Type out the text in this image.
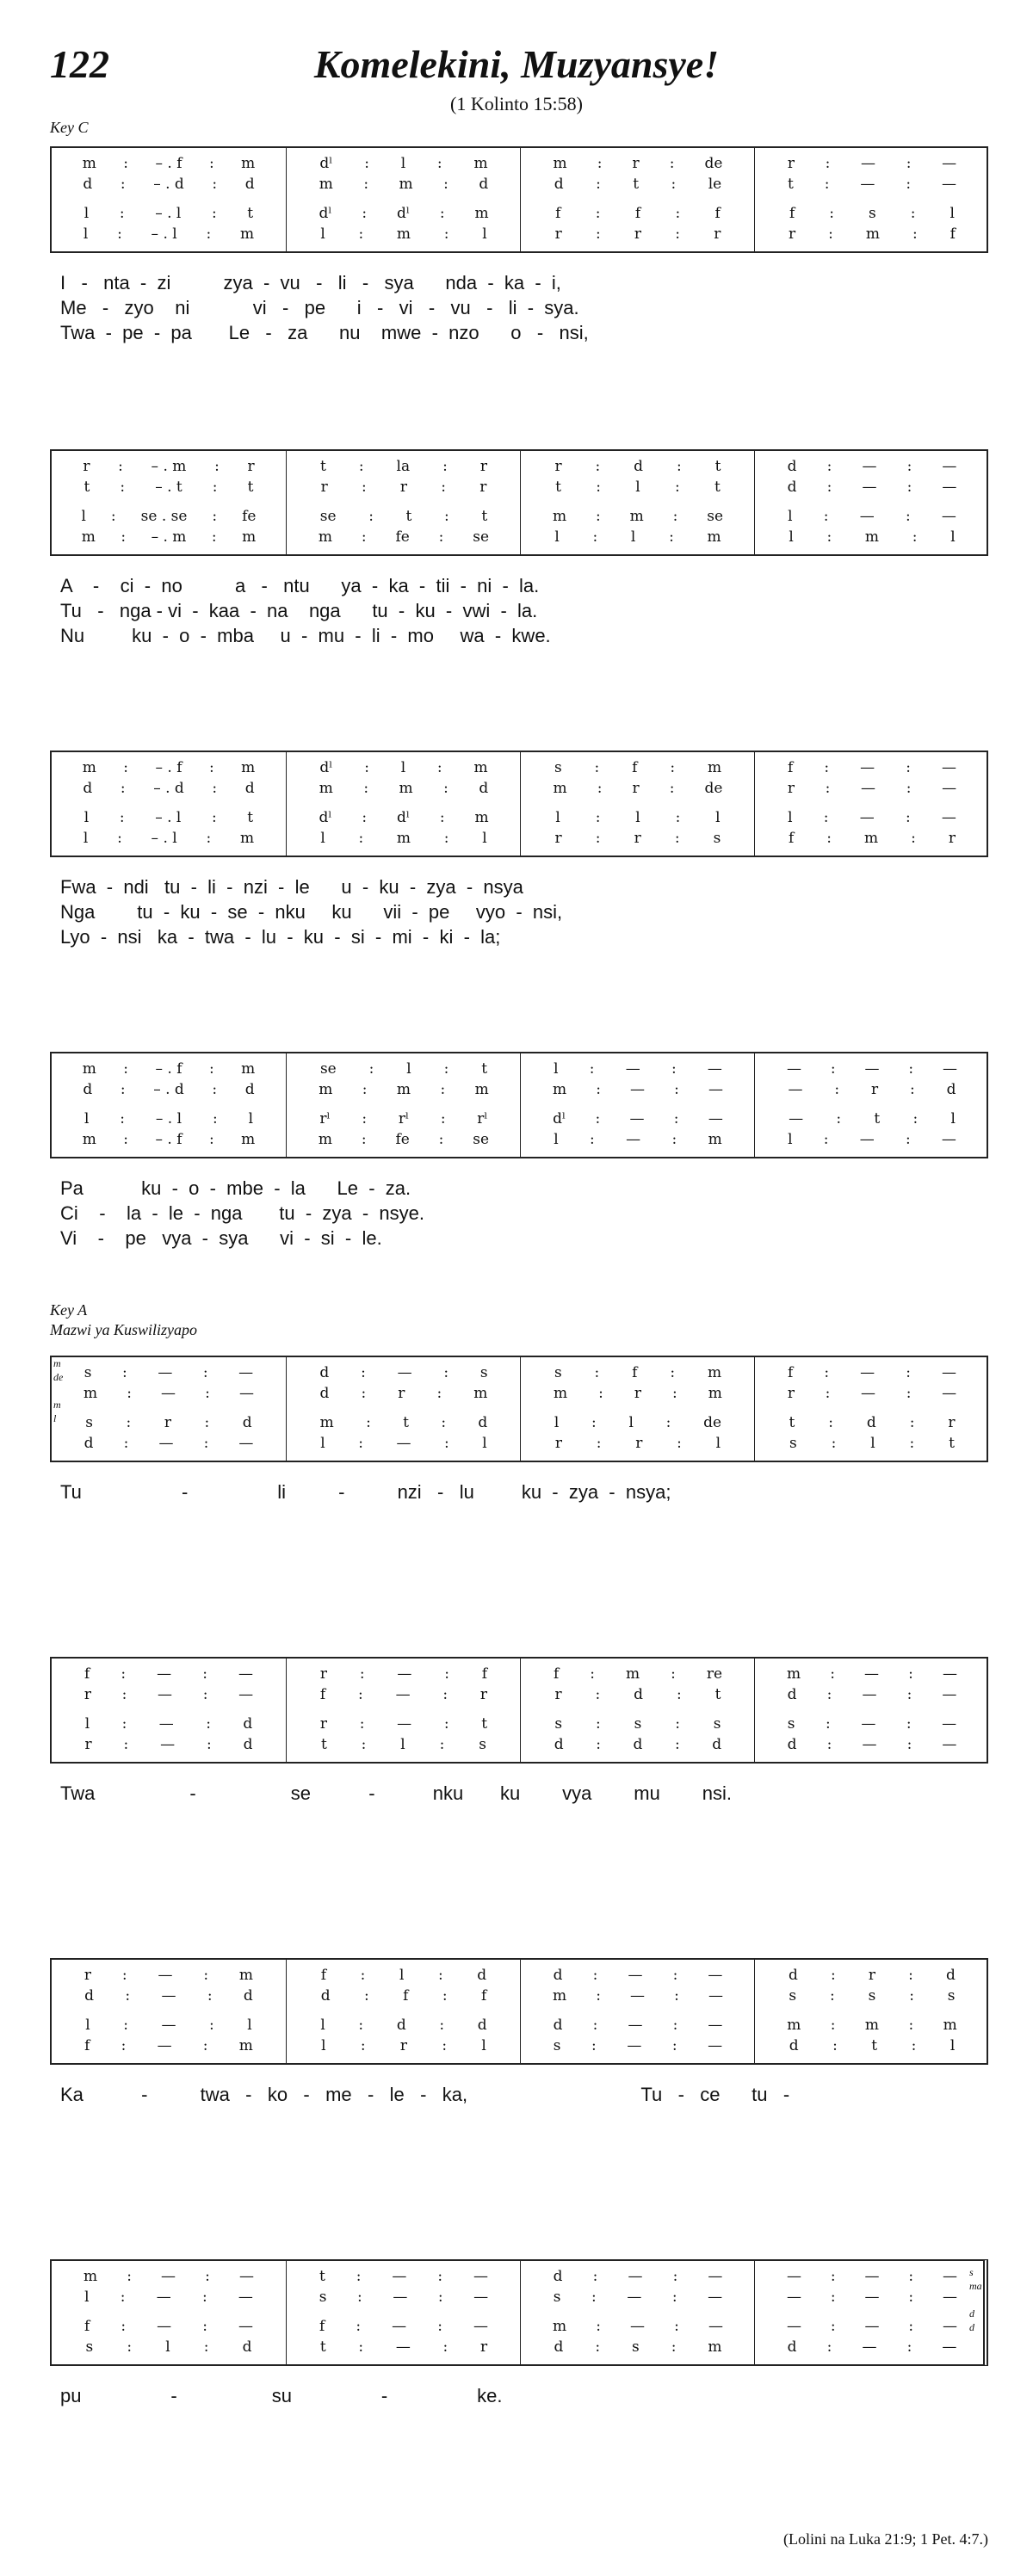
122	Komelekini, Muzyansye!
(1 Kolinto 15:58)
Key C
Key A
Mazwi ya Kuswilizyapo
m : – . f : m
d : – . d : d
l : – . l : t
l : – . l : m
dˡ : l : m
m : m : d
dˡ : dˡ : m
l : m : l
m : r : de
d : t : le
f : f : f
r : r : r
r : — : —
t : — : —
f : s : l
r : m : f
r : – . m : r
t : – . t : t
l : se . se : fe
m : – . m : m
t : la : r
r : r : r
se : t : t
m : fe : se
r : d : t
t : l : t
m : m : se
l : l : m
d : — : —
d : — : —
l : — : —
l : m : l
m : – . f : m
d : – . d : d
l : – . l : t
l : – . l : m
dˡ : l : m
m : m : d
dˡ : dˡ : m
l : m : l
s : f : m
m : r : de
l : l : l
r : r : s
f : — : —
r : — : —
l : — : —
f : m : r
m : – . f : m
d : – . d : d
l : – . l : l
m : – . f : m
se : l : t
m : m : m
rˡ : rˡ : rˡ
m : fe : se
l : — : —
m : — : —
dˡ : — : —
l : — : m
— : — : —
— : r : d
— : t : l
l : — : —
s : — : —
m : — : —
s : r : d
d : — : —
d : — : s
d : r : m
m : t : d
l : — : l
s : f : m
m : r : m
l : l : de
r : r : l
f : — : —
r : — : —
t : d : r
s : l : t
f : — : —
r : — : —
l : — : d
r : — : d
r : — : f
f : — : r
r : — : t
t : l : s
f : m : re
r : d : t
s : s : s
d : d : d
m : — : —
d : — : —
s : — : —
d : — : —
r : — : m
d : — : d
l : — : l
f : — : m
f : l : d
d : f : f
l : d : d
l : r : l
d : — : —
m : — : —
d : — : —
s : — : —
d : r : d
s : s : s
m : m : m
d : t : l
m : — : —
l : — : —
f : — : —
s : l : d
t : — : —
s : — : —
f : — : —
t : — : r
d : — : —
s : — : —
m : — : —
d : s : m
— : — : —
— : — : —
— : — : —
d : — : —
I   -   nta  -  zi          zya  -  vu   -   li   -   sya      nda  -  ka  -  i,
Me   -   zyo    ni            vi   -   pe      i   -   vi   -   vu   -   li  -  sya.
Twa  -  pe  -  pa       Le   -   za      nu    mwe  -  nzo      o   -   nsi,
A    -    ci  -  no          a   -   ntu      ya  -  ka  -  tii  -  ni  -  la.
Tu   -   nga - vi  -  kaa  -  na    nga      tu  -  ku  -  vwi  -  la.
Nu         ku  -  o  -  mba     u  -  mu  -  li  -  mo     wa  -  kwe.
Fwa  -  ndi   tu  -  li  -  nzi  -  le      u  -  ku  -  zya  -  nsya
Nga        tu  -  ku  -  se  -  nku     ku      vii  -  pe     vyo  -  nsi,
Lyo  -  nsi   ka  -  twa  -  lu  -  ku  -  si  -  mi  -  ki  -  la;
Pa           ku  -  o  -  mbe  -  la      Le  -  za.
Ci    -    la  -  le  -  nga       tu  -  zya  -  nsye.
Vi    -    pe   vya  -  sya      vi  -  si  -  le.
Tu                   -                 li          -          nzi   -   lu         ku  -  zya  -  nsya;
Twa                  -                  se           -           nku       ku        vya        mu        nsi.
Ka           -          twa   -   ko   -   me   -   le   -   ka,                                 Tu   -   ce      tu   -
pu                 -                  su                 -                 ke.
m
de

m
l
s
ma

d
d
(Lolini na Luka 21:9; 1 Pet. 4:7.)
